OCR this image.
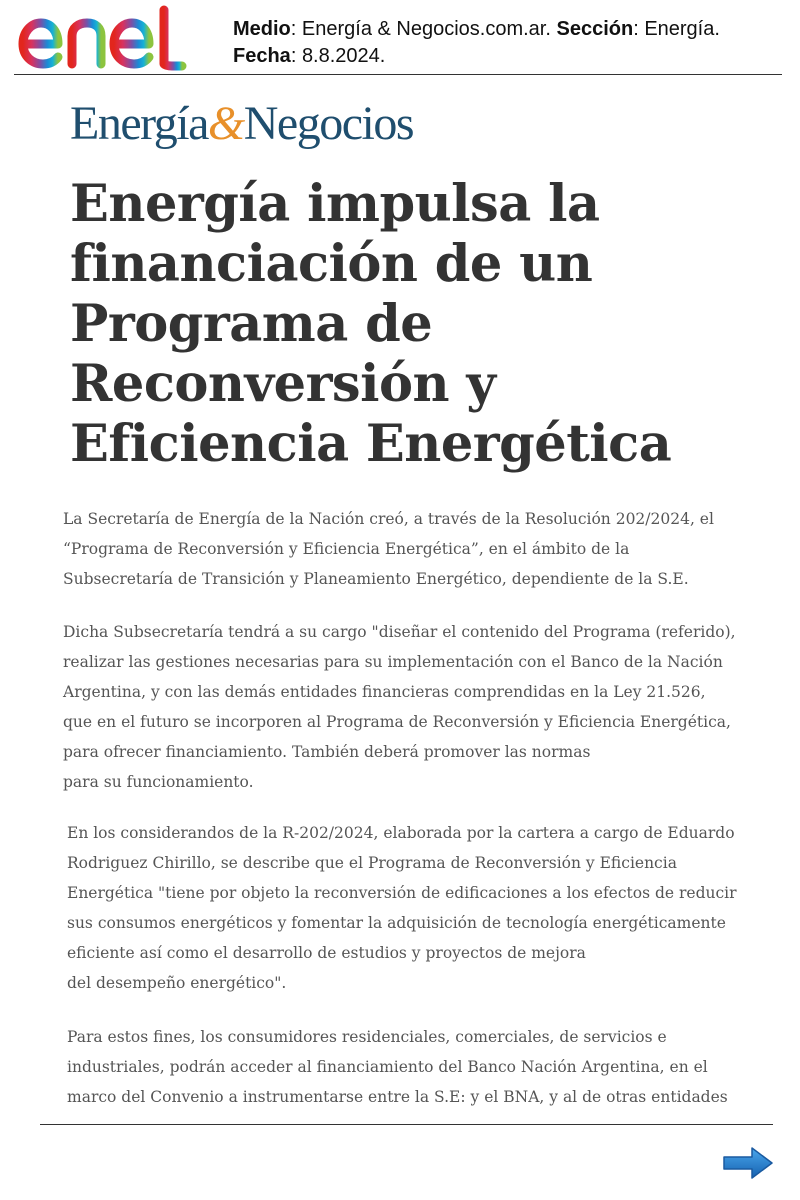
Medio: Energía & Negocios.com.ar. Sección: Energía.
Fecha: 8.8.2024.
Energía&Negocios
Energía impulsa la financiación de un Programa de Reconversión y Eficiencia Energética

La Secretaría de Energía de la Nación creó, a través de la Resolución 202/2024, el
“Programa de Reconversión y Eficiencia Energética”, en el ámbito de la
Subsecretaría de Transición y Planeamiento Energético, dependiente de la S.E.

Dicha Subsecretaría tendrá a su cargo "diseñar el contenido del Programa (referido),
realizar las gestiones necesarias para su implementación con el Banco de la Nación
Argentina, y con las demás entidades financieras comprendidas en la Ley 21.526,
que en el futuro se incorporen al Programa de Reconversión y Eficiencia Energética,
para ofrecer financiamiento. También deberá promover las normas
para su funcionamiento.

En los considerandos de la R-202/2024, elaborada por la cartera a cargo de Eduardo
Rodriguez Chirillo, se describe que el Programa de Reconversión y Eficiencia
Energética "tiene por objeto la reconversión de edificaciones a los efectos de reducir
sus consumos energéticos y fomentar la adquisición de tecnología energéticamente
eficiente así como el desarrollo de estudios y proyectos de mejora
del desempeño energético".

Para estos fines, los consumidores residenciales, comerciales, de servicios e
industriales, podrán acceder al financiamiento del Banco Nación Argentina, en el
marco del Convenio a instrumentarse entre la S.E: y el BNA, y al de otras entidades
